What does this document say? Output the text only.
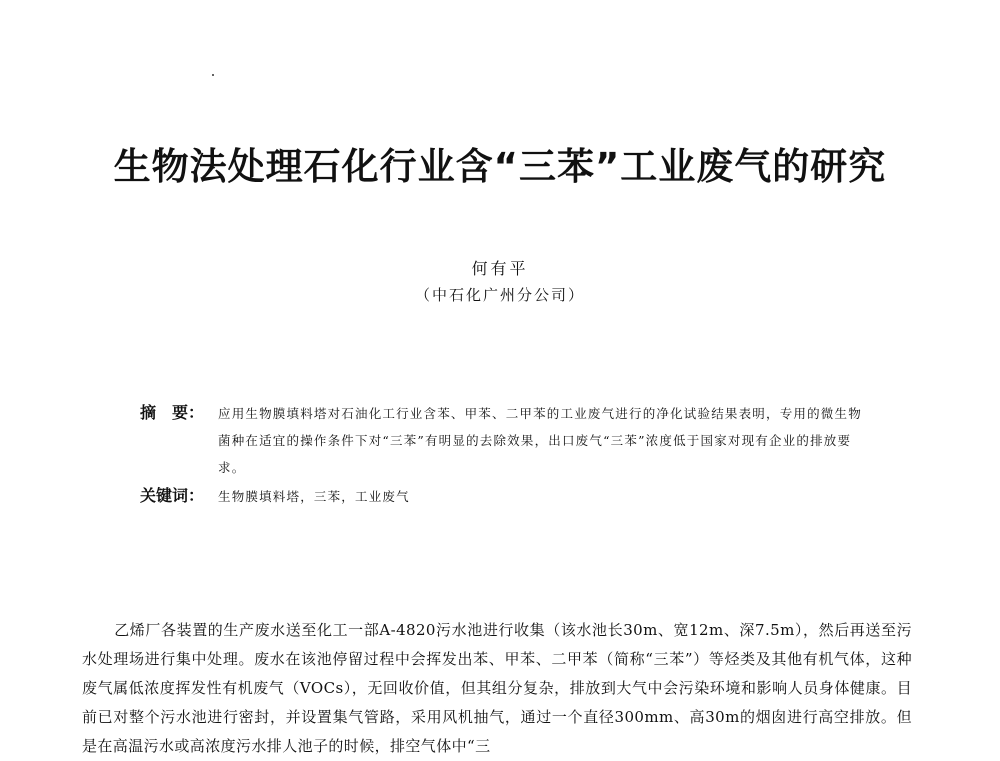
生物法处理石化行业含“三苯”工业废气的研究
何有平
（中石化广州分公司）
摘　要：	应用生物膜填料塔对石油化工行业含苯、甲苯、二甲苯的工业废气进行的净化试验结果表明，专用的微生物菌种在适宜的操作条件下对“三苯”有明显的去除效果，出口废气“三苯”浓度低于国家对现有企业的排放要求。
关键词：	生物膜填料塔，三苯，工业废气

乙烯厂各装置的生产废水送至化工一部A-4820污水池进行收集（该水池长30m、宽12m、深7.5m），然后再送至污水处理场进行集中处理。废水在该池停留过程中会挥发出苯、甲苯、二甲苯（简称“三苯”）等烃类及其他有机气体，这种废气属低浓度挥发性有机废气（VOCs），无回收价值，但其组分复杂，排放到大气中会污染环境和影响人员身体健康。目前已对整个污水池进行密封，并设置集气管路，采用风机抽气，通过一个直径300mm、高30m的烟囱进行高空排放。但是在高温污水或高浓度污水排人池子的时候，排空气体中“三
